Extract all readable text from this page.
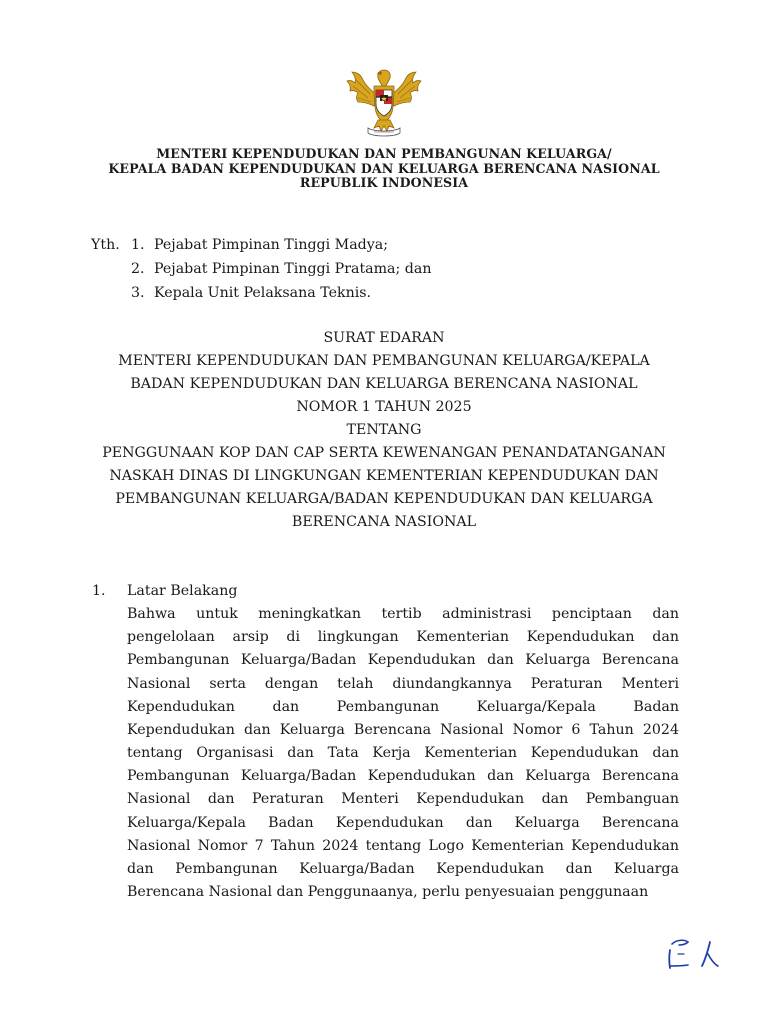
MENTERI KEPENDUDUKAN DAN PEMBANGUNAN KELUARGA/
KEPALA BADAN KEPENDUDUKAN DAN KELUARGA BERENCANA NASIONAL
REPUBLIK INDONESIA
Yth. 1. Pejabat Pimpinan Tinggi Madya;
2. Pejabat Pimpinan Tinggi Pratama; dan
3. Kepala Unit Pelaksana Teknis.
SURAT EDARAN
MENTERI KEPENDUDUKAN DAN PEMBANGUNAN KELUARGA/KEPALA
BADAN KEPENDUDUKAN DAN KELUARGA BERENCANA NASIONAL
NOMOR 1 TAHUN 2025
TENTANG
PENGGUNAAN KOP DAN CAP SERTA KEWENANGAN PENANDATANGANAN
NASKAH DINAS DI LINGKUNGAN KEMENTERIAN KEPENDUDUKAN DAN
PEMBANGUNAN KELUARGA/BADAN KEPENDUDUKAN DAN KELUARGA
BERENCANA NASIONAL
1.	Latar Belakang
Bahwa untuk meningkatkan tertib administrasi penciptaan dan
pengelolaan arsip di lingkungan Kementerian Kependudukan dan
Pembangunan Keluarga/Badan Kependudukan dan Keluarga Berencana
Nasional serta dengan telah diundangkannya Peraturan Menteri
Kependudukan dan Pembangunan Keluarga/Kepala Badan
Kependudukan dan Keluarga Berencana Nasional Nomor 6 Tahun 2024
tentang Organisasi dan Tata Kerja Kementerian Kependudukan dan
Pembangunan Keluarga/Badan Kependudukan dan Keluarga Berencana
Nasional dan Peraturan Menteri Kependudukan dan Pembanguan
Keluarga/Kepala Badan Kependudukan dan Keluarga Berencana
Nasional Nomor 7 Tahun 2024 tentang Logo Kementerian Kependudukan
dan Pembangunan Keluarga/Badan Kependudukan dan Keluarga
Berencana Nasional dan Penggunaanya, perlu penyesuaian penggunaan
